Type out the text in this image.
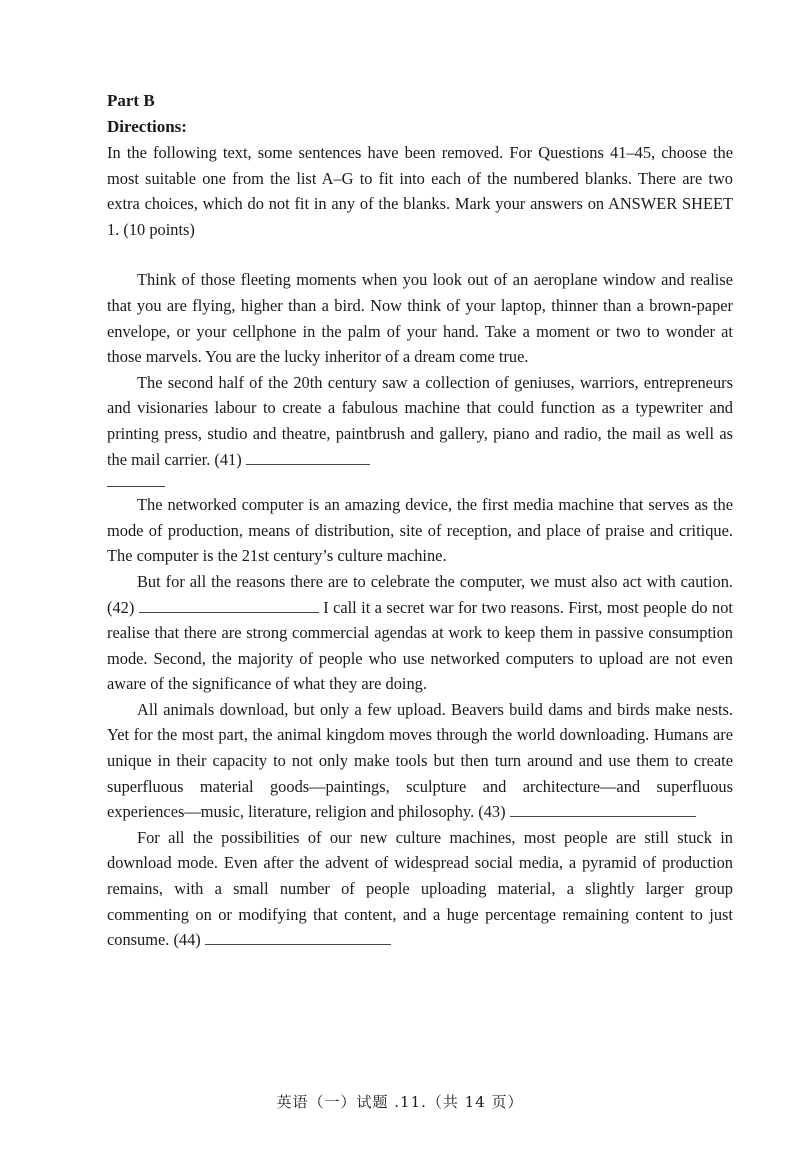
Part B
Directions:
In the following text, some sentences have been removed. For Questions 41–45, choose the most suitable one from the list A–G to fit into each of the numbered blanks. There are two extra choices, which do not fit in any of the blanks. Mark your answers on ANSWER SHEET 1. (10 points)

Think of those fleeting moments when you look out of an aeroplane window and realise that you are flying, higher than a bird. Now think of your laptop, thinner than a brown-paper envelope, or your cellphone in the palm of your hand. Take a moment or two to wonder at those marvels. You are the lucky inheritor of a dream come true.

The second half of the 20th century saw a collection of geniuses, warriors, entrepreneurs and visionaries labour to create a fabulous machine that could function as a typewriter and printing press, studio and theatre, paintbrush and gallery, piano and radio, the mail as well as the mail carrier. (41)

The networked computer is an amazing device, the first media machine that serves as the mode of production, means of distribution, site of reception, and place of praise and critique. The computer is the 21st century’s culture machine.

But for all the reasons there are to celebrate the computer, we must also act with caution. (42)	I call it a secret war for two reasons. First, most people do not realise that there are strong commercial agendas at work to keep them in passive consumption mode. Second, the majority of people who use networked computers to upload are not even aware of the significance of what they are doing.

All animals download, but only a few upload. Beavers build dams and birds make nests. Yet for the most part, the animal kingdom moves through the world downloading. Humans are unique in their capacity to not only make tools but then turn around and use them to create superfluous material goods—paintings, sculpture and architecture—and superfluous experiences—music, literature, religion and philosophy. (43)

For all the possibilities of our new culture machines, most people are still stuck in download mode. Even after the advent of widespread social media, a pyramid of production remains, with a small number of people uploading material, a slightly larger group commenting on or modifying that content, and a huge percentage remaining content to just consume. (44)

英语（一）试题 .11.（共 14 页）
